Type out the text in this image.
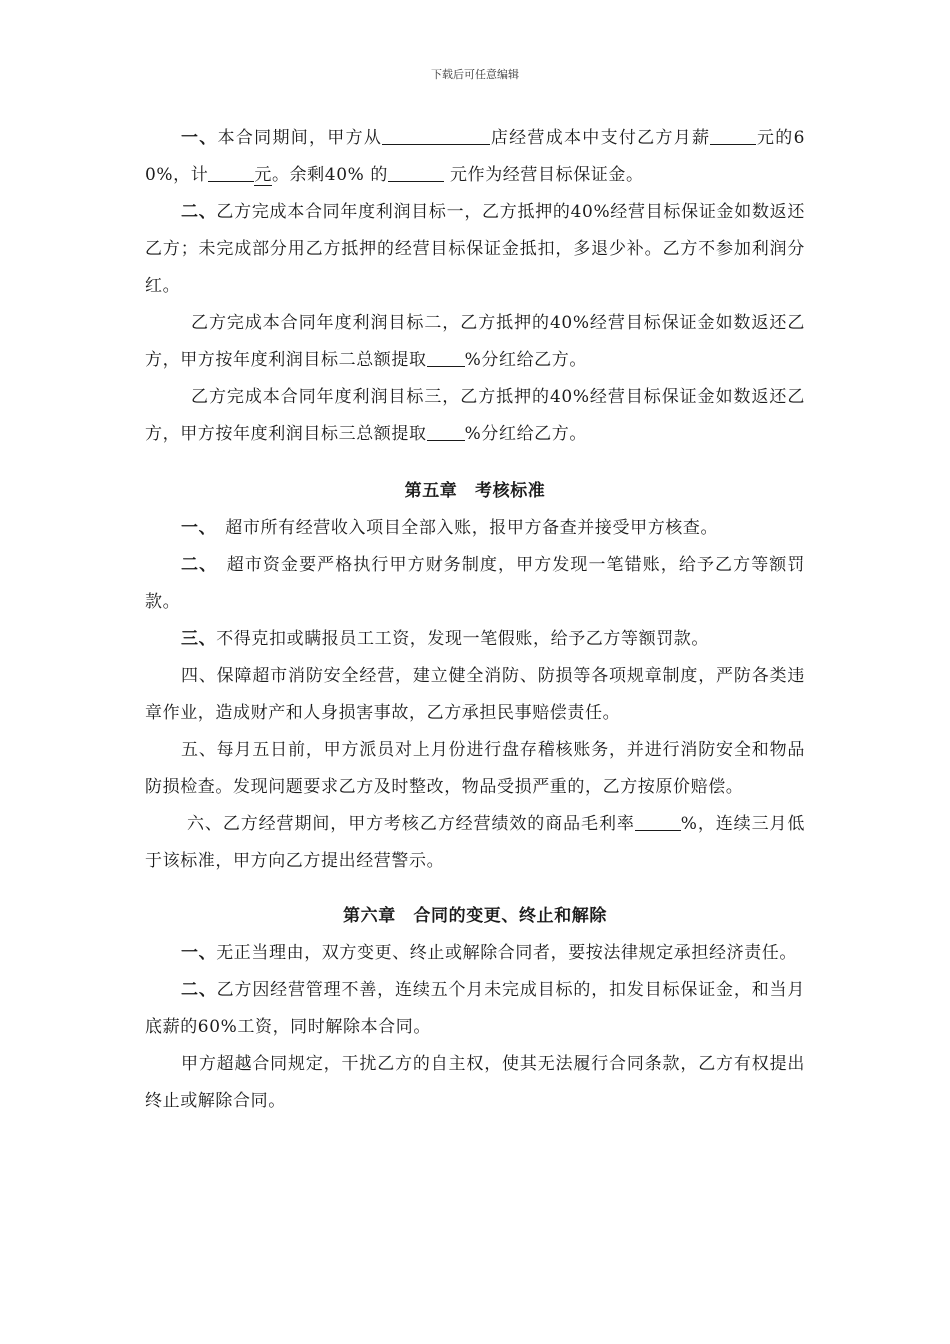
下载后可任意编辑

一、本合同期间，甲方从	店经营成本中支付乙方月薪	元的60%，计	元。余剩40% 的	元作为经营目标保证金。

二、乙方完成本合同年度利润目标一，乙方抵押的40%经营目标保证金如数返还乙方；未完成部分用乙方抵押的经营目标保证金抵扣，多退少补。乙方不参加利润分红。

乙方完成本合同年度利润目标二，乙方抵押的40%经营目标保证金如数返还乙方，甲方按年度利润目标二总额提取 %分红给乙方。

乙方完成本合同年度利润目标三，乙方抵押的40%经营目标保证金如数返还乙方，甲方按年度利润目标三总额提取 %分红给乙方。

第五章　考核标准

一、　超市所有经营收入项目全部入账，报甲方备查并接受甲方核查。

二、　超市资金要严格执行甲方财务制度，甲方发现一笔错账，给予乙方等额罚款。

三、不得克扣或瞒报员工工资，发现一笔假账，给予乙方等额罚款。

四、保障超市消防安全经营，建立健全消防、防损等各项规章制度，严防各类违章作业，造成财产和人身损害事故，乙方承担民事赔偿责任。

五、每月五日前，甲方派员对上月份进行盘存稽核账务，并进行消防安全和物品防损检查。发现问题要求乙方及时整改，物品受损严重的，乙方按原价赔偿。

六、乙方经营期间，甲方考核乙方经营绩效的商品毛利率	%，连续三月低于该标准，甲方向乙方提出经营警示。

第六章　合同的变更、终止和解除

一、无正当理由，双方变更、终止或解除合同者，要按法律规定承担经济责任。

二、乙方因经营管理不善，连续五个月未完成目标的，扣发目标保证金，和当月底薪的60%工资，同时解除本合同。

甲方超越合同规定，干扰乙方的自主权，使其无法履行合同条款，乙方有权提出终止或解除合同。
